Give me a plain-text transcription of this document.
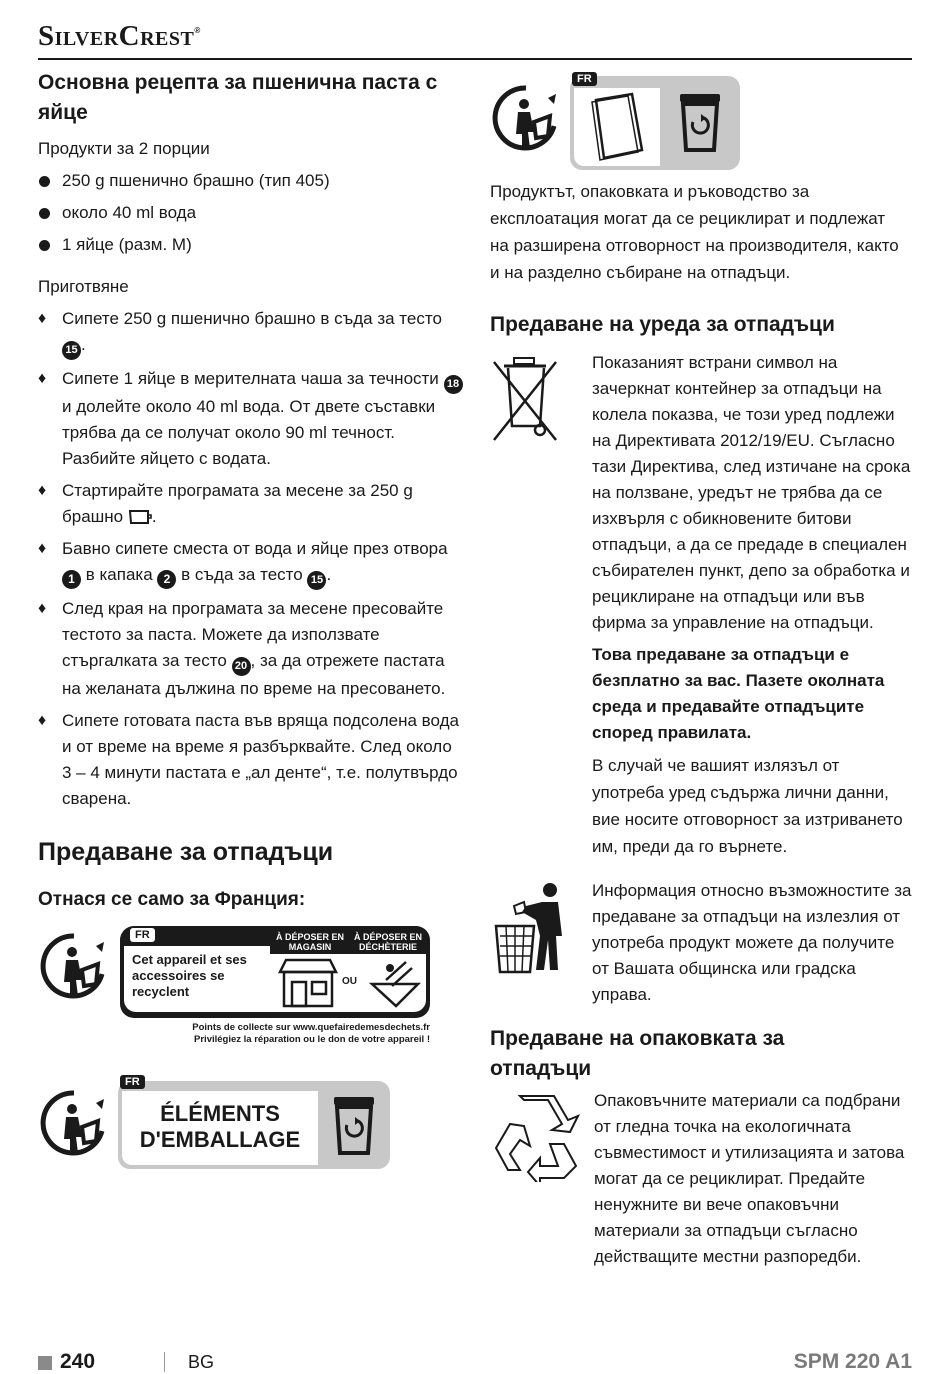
SilverCrest®
Основна рецепта за пшенична паста с яйце
Продукти за 2 порции
250 g пшенично брашно (тип 405)
около 40 ml вода
1 яйце (разм. M)
Приготвяне
♦ Сипете 250 g пшенично брашно в съда за тесто 15 .
♦ Сипете 1 яйце в мерителната чаша за течности 18 и долейте около 40 ml вода. От двете съставки трябва да се получат около 90 ml течност. Разбийте яйцето с водата.
♦ Стартирайте програмата за месене за 250 g брашно .
♦ Бавно сипете сместа от вода и яйце през отвора 1 в капака 2 в съда за тесто 15 .
♦ След края на програмата за месене пресовайте тестото за паста. Можете да използвате стъргалката за тесто 20 , за да отрежете пастата на желаната дължина по време на пресоването.
♦ Сипете готовата паста във вряща подсолена вода и от време на време я разбърквайте. След около 3 – 4 минути пастата е „ал денте“, т.е. полутвърдо сварена.
Предаване за отпадъци
Отнася се само за Франция:
FR
Cet appareil et ses accessoires se recyclent
À DÉPOSER EN MAGASIN
À DÉPOSER EN DÉCHÈTERIE
OU
Points de collecte sur www.quefairedemesdechets.fr
Privilégiez la réparation ou le don de votre appareil !
FR
ÉLÉMENTS
D'EMBALLAGE
FR

Продуктът, опаковката и ръководство за експлоатация могат да се рециклират и подлежат на разширена отговорност на производителя, както и на разделно събиране на отпадъци.

Предаване на уреда за отпадъци

Показаният встрани символ на зачеркнат контейнер за отпадъци на колела показва, че този уред подлежи на Директивата 2012/19/EU. Съгласно тази Директива, след изтичане на срока на ползване, уредът не трябва да се изхвърля с обикновените битови отпадъци, а да се предаде в специален събирателен пункт, депо за обработка и рециклиране на отпадъци или във фирма за управление на отпадъци.

Това предаване за отпадъци е безплатно за вас. Пазете околната среда и предавайте отпадъците според правилата.

В случай че вашият излязъл от употреба уред съдържа лични данни, вие носите отговорност за изтриването им, преди да го върнете.

Информация относно възможностите за предаване за отпадъци на излезлия от употреба продукт можете да получите от Вашата общинска или градска управа.

Предаване на опаковката за отпадъци

Опаковъчните материали са подбрани от гледна точка на екологичната съвместимост и утилизацията и затова могат да се рециклират. Предайте ненужните ви вече опаковъчни материали за отпадъци съгласно действащите местни разпоредби.

240	BG	SPM 220 A1
